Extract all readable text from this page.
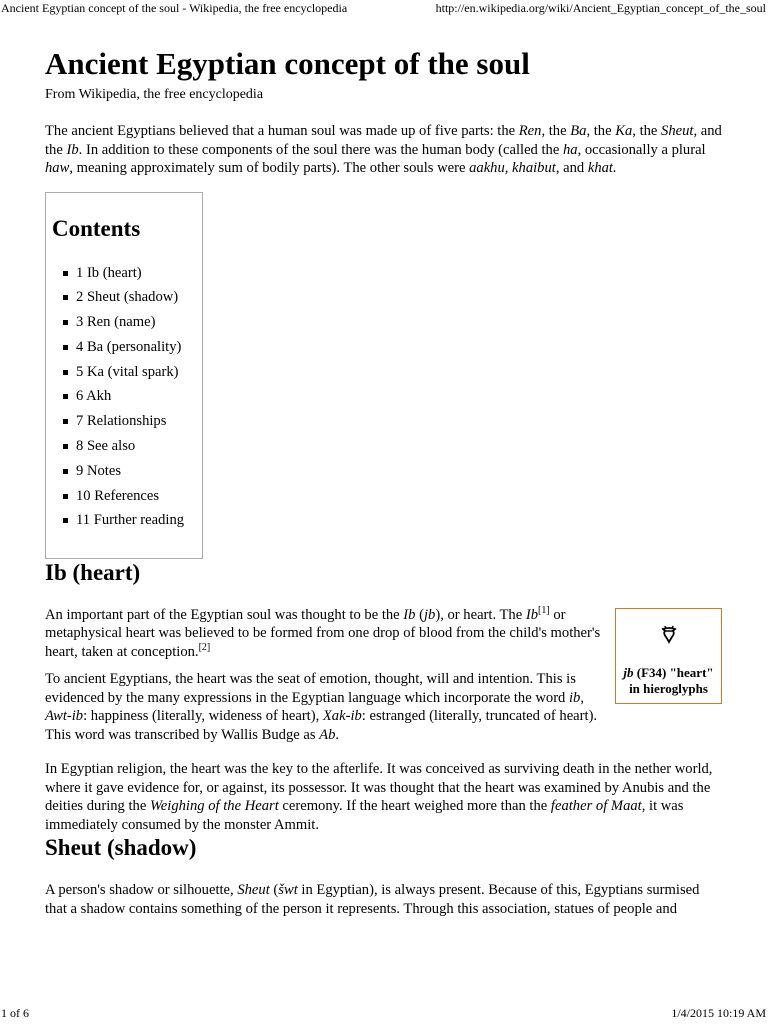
Ancient Egyptian concept of the soul - Wikipedia, the free encyclopedia	http://en.wikipedia.org/wiki/Ancient_Egyptian_concept_of_the_soul
Ancient Egyptian concept of the soul
From Wikipedia, the free encyclopedia

The ancient Egyptians believed that a human soul was made up of five parts: the Ren, the Ba, the Ka, the Sheut, and the Ib. In addition to these components of the soul there was the human body (called the ha, occasionally a plural haw, meaning approximately sum of bodily parts). The other souls were aakhu, khaibut, and khat.

Contents
1 Ib (heart)
2 Sheut (shadow)
3 Ren (name)
4 Ba (personality)
5 Ka (vital spark)
6 Akh
7 Relationships
8 See also
9 Notes
10 References
11 Further reading
Ib (heart)
jb (F34) "heart" in hieroglyphs

An important part of the Egyptian soul was thought to be the Ib (jb), or heart. The Ib[1] or metaphysical heart was believed to be formed from one drop of blood from the child's mother's heart, taken at conception.[2]

To ancient Egyptians, the heart was the seat of emotion, thought, will and intention. This is evidenced by the many expressions in the Egyptian language which incorporate the word ib, Awt-ib: happiness (literally, wideness of heart), Xak-ib: estranged (literally, truncated of heart). This word was transcribed by Wallis Budge as Ab.

In Egyptian religion, the heart was the key to the afterlife. It was conceived as surviving death in the nether world, where it gave evidence for, or against, its possessor. It was thought that the heart was examined by Anubis and the deities during the Weighing of the Heart ceremony. If the heart weighed more than the feather of Maat, it was immediately consumed by the monster Ammit.

Sheut (shadow)

A person's shadow or silhouette, Sheut (šwt in Egyptian), is always present. Because of this, Egyptians surmised that a shadow contains something of the person it represents. Through this association, statues of people and

1 of 6	1/4/2015 10:19 AM
